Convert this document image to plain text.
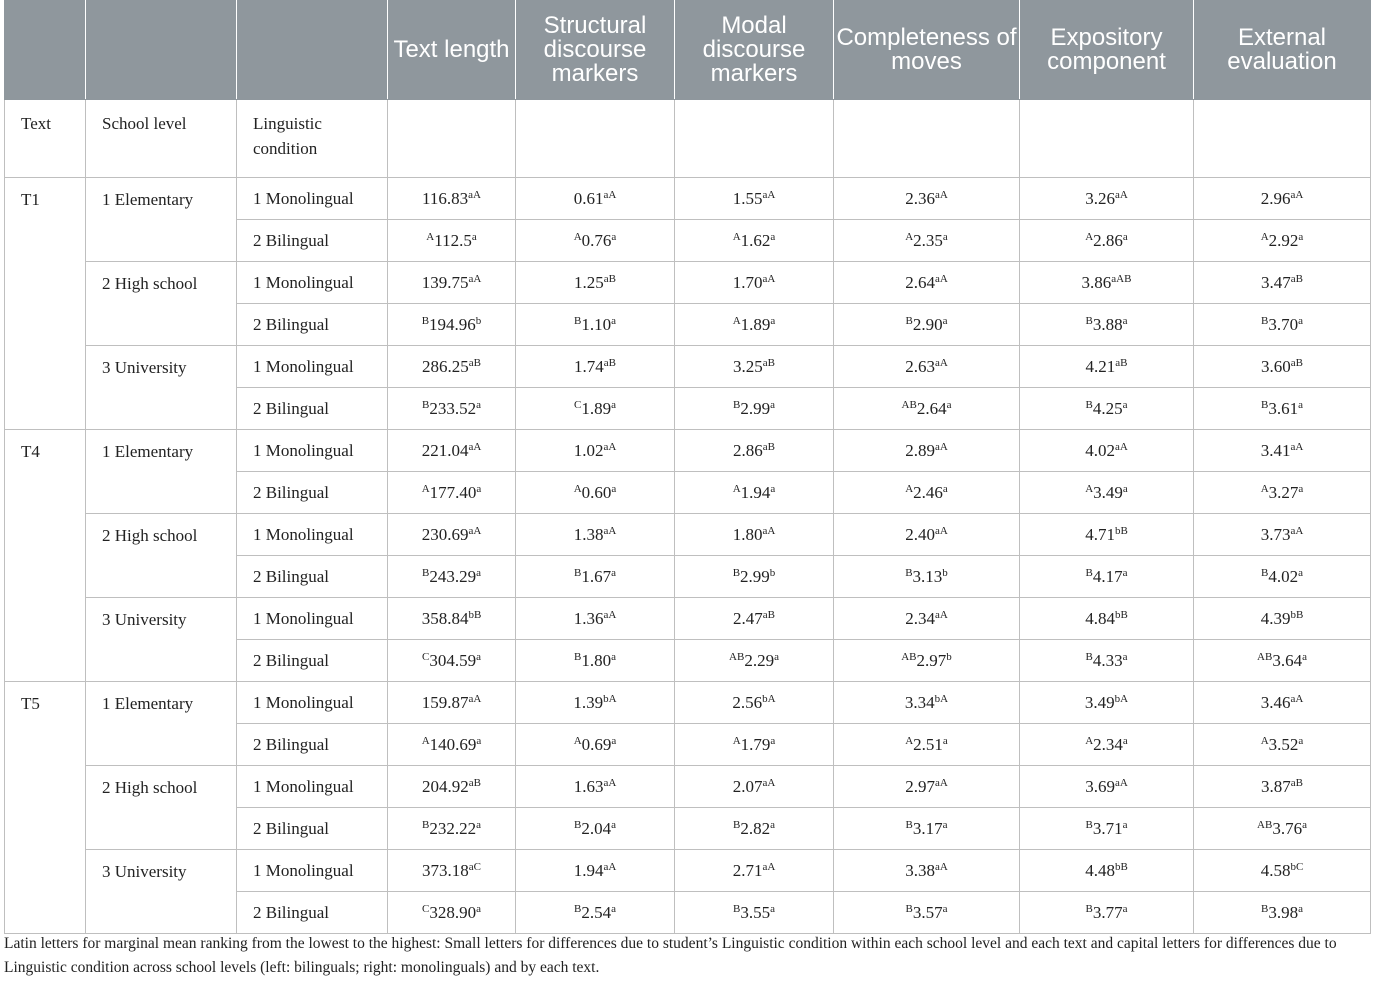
			Text length	Structural discourse markers	Modal discourse markers	Completeness of moves	Expository component	External evaluation
Text	School level	Linguistic condition						
T1	1 Elementary	1 Monolingual	$116.83^{aA}$	$0.61^{aA}$	$1.55^{aA}$	$2.36^{aA}$	$3.26^{aA}$	$2.96^{aA}$
		2 Bilingual	$^A$112.5$^a$	$^A$0.76$^a$	$^A$1.62$^a$	$^A$2.35$^a$	$^A$2.86$^a$	$^A$2.92$^a$
	2 High school	1 Monolingual	$139.75^{aA}$	$1.25^{aB}$	$1.70^{aA}$	$2.64^{aA}$	$3.86^{aAB}$	$3.47^{aB}$
		2 Bilingual	$^B$194.96$^b$	$^B$1.10$^a$	$^A$1.89$^a$	$^B$2.90$^a$	$^B$3.88$^a$	$^B$3.70$^a$
	3 University	1 Monolingual	$286.25^{aB}$	$1.74^{aB}$	$3.25^{aB}$	$2.63^{aA}$	$4.21^{aB}$	$3.60^{aB}$
		2 Bilingual	$^B$233.52$^a$	$^C$1.89$^a$	$^B$2.99$^a$	$^{AB}$2.64$^a$	$^B$4.25$^a$	$^B$3.61$^a$
T4	1 Elementary	1 Monolingual	$221.04^{aA}$	$1.02^{aA}$	$2.86^{aB}$	$2.89^{aA}$	$4.02^{aA}$	$3.41^{aA}$
		2 Bilingual	$^A$177.40$^a$	$^A$0.60$^a$	$^A$1.94$^a$	$^A$2.46$^a$	$^A$3.49$^a$	$^A$3.27$^a$
	2 High school	1 Monolingual	$230.69^{aA}$	$1.38^{aA}$	$1.80^{aA}$	$2.40^{aA}$	$4.71^{bB}$	$3.73^{aA}$
		2 Bilingual	$^B$243.29$^a$	$^B$1.67$^a$	$^B$2.99$^b$	$^B$3.13$^b$	$^B$4.17$^a$	$^B$4.02$^a$
	3 University	1 Monolingual	$358.84^{bB}$	$1.36^{aA}$	$2.47^{aB}$	$2.34^{aA}$	$4.84^{bB}$	$4.39^{bB}$
		2 Bilingual	$^C$304.59$^a$	$^B$1.80$^a$	$^{AB}$2.29$^a$	$^{AB}$2.97$^b$	$^B$4.33$^a$	$^{AB}$3.64$^a$
T5	1 Elementary	1 Monolingual	$159.87^{aA}$	$1.39^{bA}$	$2.56^{bA}$	$3.34^{bA}$	$3.49^{bA}$	$3.46^{aA}$
		2 Bilingual	$^A$140.69$^a$	$^A$0.69$^a$	$^A$1.79$^a$	$^A$2.51$^a$	$^A$2.34$^a$	$^A$3.52$^a$
	2 High school	1 Monolingual	$204.92^{aB}$	$1.63^{aA}$	$2.07^{aA}$	$2.97^{aA}$	$3.69^{aA}$	$3.87^{aB}$
		2 Bilingual	$^B$232.22$^a$	$^B$2.04$^a$	$^B$2.82$^a$	$^B$3.17$^a$	$^B$3.71$^a$	$^{AB}$3.76$^a$
	3 University	1 Monolingual	$373.18^{aC}$	$1.94^{aA}$	$2.71^{aA}$	$3.38^{aA}$	$4.48^{bB}$	$4.58^{bC}$
		2 Bilingual	$^C$328.90$^a$	$^B$2.54$^a$	$^B$3.55$^a$	$^B$3.57$^a$	$^B$3.77$^a$	$^B$3.98$^a$
Latin letters for marginal mean ranking from the lowest to the highest: Small letters for differences due to student’s Linguistic condition within each school level and each text and capital letters for differences due to Linguistic condition across school levels (left: bilinguals; right: monolinguals) and by each text.
